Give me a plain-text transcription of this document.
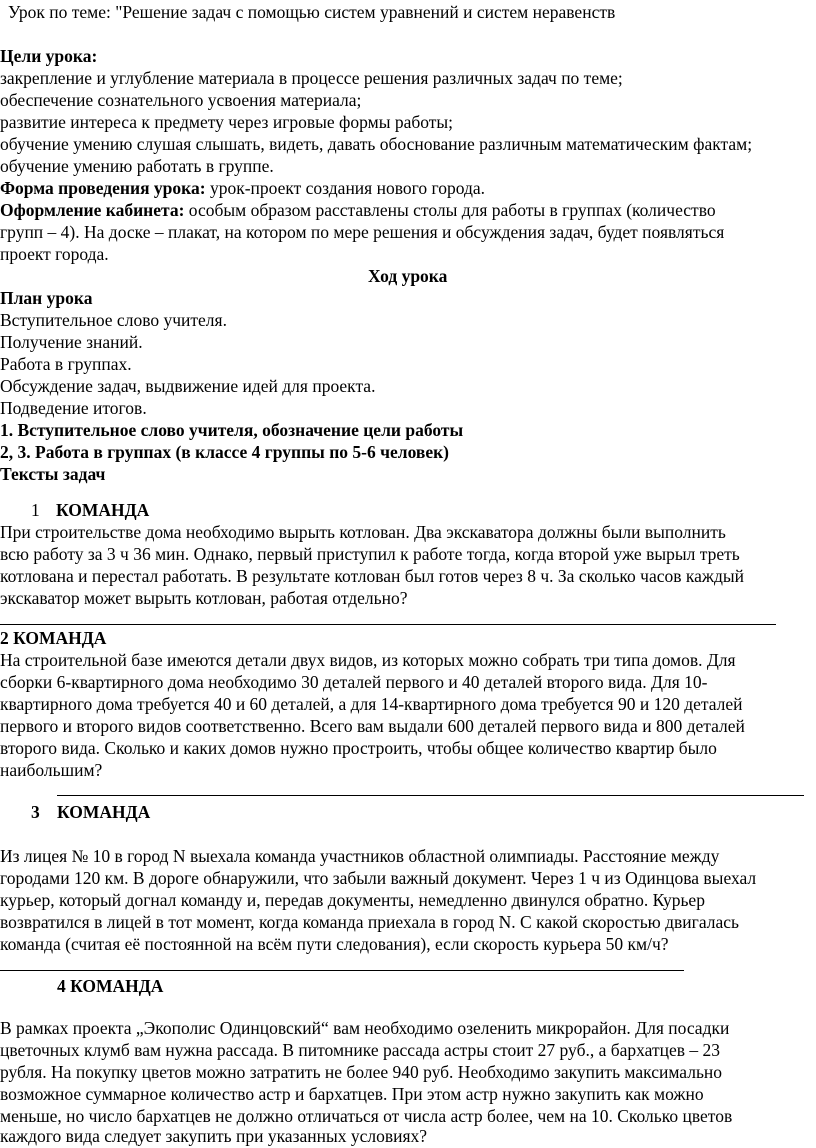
Урок по теме: "Решение задач с помощью систем уравнений и систем неравенств
Цели урока:
закрепление и углубление материала в процессе решения различных задач по теме;
обеспечение сознательного усвоения материала;
развитие интереса к предмету через игровые формы работы;
обучение умению слушая слышать, видеть, давать обоснование различным математическим фактам;
обучение умению работать в группе.
Форма проведения урока: урок-проект создания нового города.
Оформление кабинета: особым образом расставлены столы для работы в группах (количество
групп – 4). На доске – плакат, на котором по мере решения и обсуждения задач, будет появляться
проект города.
Ход урока
План урока
Вступительное слово учителя.
Получение знаний.
Работа в группах.
Обсуждение задач, выдвижение идей для проекта.
Подведение итогов.
1. Вступительное слово учителя, обозначение цели работы
2, 3. Работа в группах (в классе 4 группы по 5-6 человек)
Тексты задач
1 КОМАНДА
При строительстве дома необходимо вырыть котлован. Два экскаватора должны были выполнить
всю работу за 3 ч 36 мин. Однако, первый приступил к работе тогда, когда второй уже вырыл треть
котлована и перестал работать. В результате котлован был готов через 8 ч. За сколько часов каждый
экскаватор может вырыть котлован, работая отдельно?
2 КОМАНДА
На строительной базе имеются детали двух видов, из которых можно собрать три типа домов. Для
сборки 6-квартирного дома необходимо 30 деталей первого и 40 деталей второго вида. Для 10-
квартирного дома требуется 40 и 60 деталей, а для 14-квартирного дома требуется 90 и 120 деталей
первого и второго видов соответственно. Всего вам выдали 600 деталей первого вида и 800 деталей
второго вида. Сколько и каких домов нужно простроить, чтобы общее количество квартир было
наибольшим?
3 КОМАНДА
Из лицея № 10 в город N выехала команда участников областной олимпиады. Расстояние между
городами 120 км. В дороге обнаружили, что забыли важный документ. Через 1 ч из Одинцова выехал
курьер, который догнал команду и, передав документы, немедленно двинулся обратно. Курьер
возвратился в лицей в тот момент, когда команда приехала в город N. С какой скоростью двигалась
команда (считая её постоянной на всём пути следования), если скорость курьера 50 км/ч?
4 КОМАНДА
В рамках проекта „Экополис Одинцовский“ вам необходимо озеленить микрорайон. Для посадки
цветочных клумб вам нужна рассада. В питомнике рассада астры стоит 27 руб., а бархатцев – 23
рубля. На покупку цветов можно затратить не более 940 руб. Необходимо закупить максимально
возможное суммарное количество астр и бархатцев. При этом астр нужно закупить как можно
меньше, но число бархатцев не должно отличаться от числа астр более, чем на 10. Сколько цветов
каждого вида следует закупить при указанных условиях?
